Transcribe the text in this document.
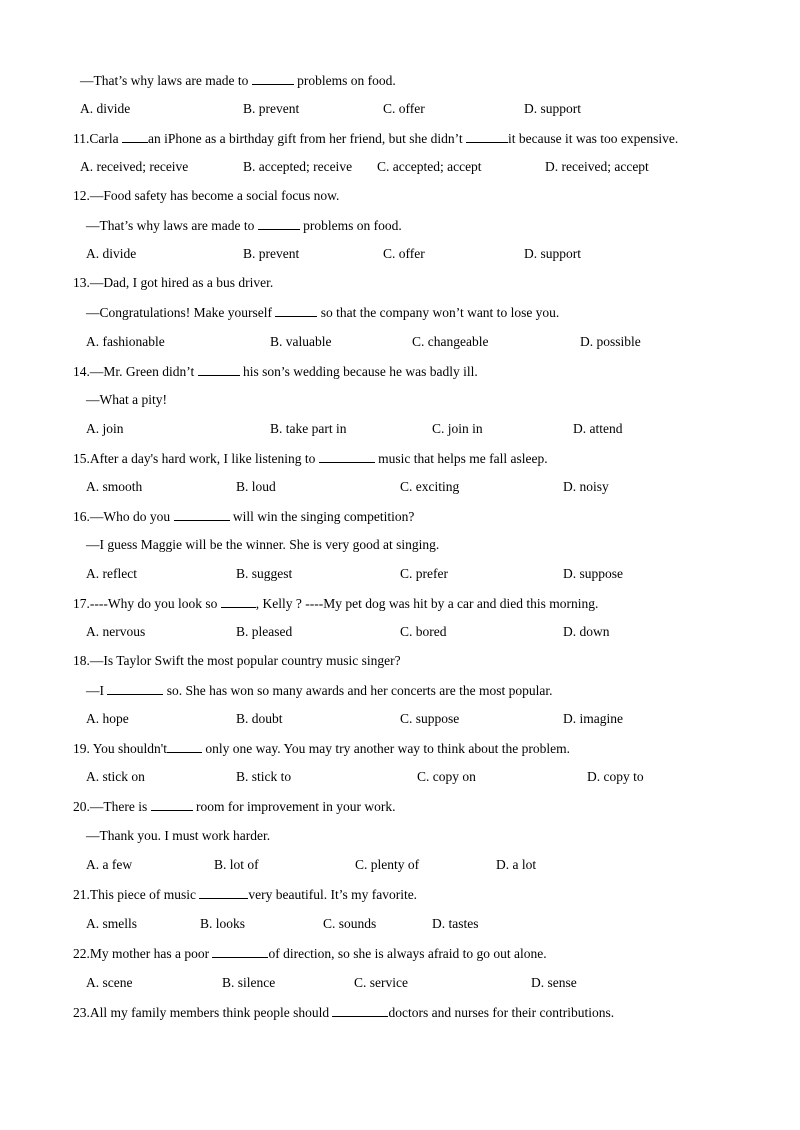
—That’s why laws are made to	problems on food.
11.Carla an iPhone as a birthday gift from her friend, but she didn’t	it because it was too expensive.
12.—Food safety has become a social focus now.
—That’s why laws are made to	problems on food.
13.—Dad, I got hired as a bus driver.
—Congratulations! Make yourself	so that the company won’t want to lose you.
14.—Mr. Green didn’t	his son’s wedding because he was badly ill.
—What a pity!
15.After a day's hard work, I like listening to	music that helps me fall asleep.
16.—Who do you	will win the singing competition?
—I guess Maggie will be the winner. She is very good at singing.
17.----Why do you look so	, Kelly ? ----My pet dog was hit by a car and died this morning.
18.—Is Taylor Swift the most popular country music singer?
—I	so. She has won so many awards and her concerts are the most popular.
19. You shouldn't	only one way. You may try another way to think about the problem.
20.—There is	room for improvement in your work.
—Thank you. I must work harder.
21.This piece of music	very beautiful. It’s my favorite.
22.My mother has a poor	of direction, so she is always afraid to go out alone.
23.All my family members think people should	doctors and nurses for their contributions.
A. divide	B. prevent	C. offer	D. support
A. received; receive	B. accepted; receive C. accepted; accept	D. received; accept
A. divide	B. prevent	C. offer	D. support
A. fashionable	B. valuable	C. changeable	D. possible
A. join	B. take part in	C. join in	D. attend
A. smooth	B. loud	C. exciting	D. noisy
A. reflect	B. suggest	C. prefer	D. suppose
A. nervous	B. pleased	C. bored	D. down
A. hope	B. doubt	C. suppose	D. imagine
A. stick on	B. stick to	C. copy on	D. copy to
A. a few	B. lot of	C. plenty of	D. a lot
A. smells	B. looks	C. sounds	D. tastes
A. scene	B. silence	C. service	D. sense
